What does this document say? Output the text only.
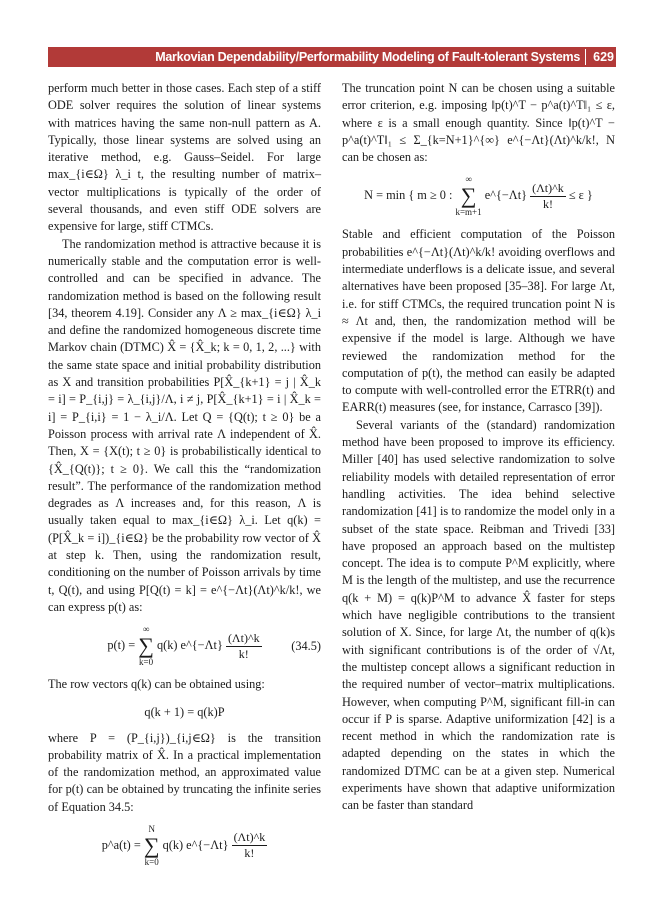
Markovian Dependability/Performability Modeling of Fault-tolerant Systems 629

perform much better in those cases. Each step of a stiff ODE solver requires the solution of linear systems with matrices having the same non-null pattern as A. Typically, those linear systems are solved using an iterative method, e.g. Gauss–Seidel. For large max_{i∈Ω} λ_i t, the resulting number of matrix–vector multiplications is typically of the order of several thousands, and even stiff ODE solvers are expensive for large, stiff CTMCs.

The randomization method is attractive because it is numerically stable and the computation error is well-controlled and can be specified in advance. The randomization method is based on the following result [34, theorem 4.19]. Consider any Λ ≥ max_{i∈Ω} λ_i and define the randomized homogeneous discrete time Markov chain (DTMC) X̂ = {X̂_k; k = 0, 1, 2, ...} with the same state space and initial probability distribution as X and transition probabilities P[X̂_{k+1} = j | X̂_k = i] = P_{i,j} = λ_{i,j}/Λ, i ≠ j, P[X̂_{k+1} = i | X̂_k = i] = P_{i,i} = 1 − λ_i/Λ. Let Q = {Q(t); t ≥ 0} be a Poisson process with arrival rate Λ independent of X̂. Then, X = {X(t); t ≥ 0} is probabilistically identical to {X̂_{Q(t)}; t ≥ 0}. We call this the “randomization result”. The performance of the randomization method degrades as Λ increases and, for this reason, Λ is usually taken equal to max_{i∈Ω} λ_i. Let q(k) = (P[X̂_k = i])_{i∈Ω} be the probability row vector of X̂ at step k. Then, using the randomization result, conditioning on the number of Poisson arrivals by time t, Q(t), and using P[Q(t) = k] = e^{−Λt}(Λt)^k/k!, we can express p(t) as:

p(t) =
∞
∑
k=0
q(k) e^{−Λt} $\frac{(\Lambda t)\^{}k}{k!} (34.5)$

The row vectors q(k) can be obtained using:

q(k + 1) = q(k)P

where P = (P_{i,j})_{i,j∈Ω} is the transition probability matrix of X̂. In a practical implementation of the randomization method, an approximated value for p(t) can be obtained by truncating the infinite series of Equation 34.5:

p^a(t) =
N
∑
k=0
q(k) e^{−Λt} $\frac{(\Lambda t)\^{}k}{k!}$

The truncation point N can be chosen using a suitable error criterion, e.g. imposing ‖p(t)^T − p^a(t)^T‖₁ ≤ ε, where ε is a small enough quantity. Since ‖p(t)^T − p^a(t)^T‖₁ ≤ Σ_{k=N+1}^{∞} e^{−Λt}(Λt)^k/k!, N can be chosen as:

N = min { m ≥ 0 :
∞
∑
k=m+1
e^{−Λt} $\frac{(\Lambda t)\^{}k}{k!} \le \varepsilon$ }

Stable and efficient computation of the Poisson probabilities e^{−Λt}(Λt)^k/k! avoiding overflows and intermediate underflows is a delicate issue, and several alternatives have been proposed [35–38]. For large Λt, i.e. for stiff CTMCs, the required truncation point N is ≈ Λt and, then, the randomization method will be expensive if the model is large. Although we have reviewed the randomization method for the computation of p(t), the method can easily be adapted to compute with well-controlled error the ETRR(t) and EARR(t) measures (see, for instance, Carrasco [39]).

Several variants of the (standard) randomization method have been proposed to improve its efficiency. Miller [40] has used selective randomization to solve reliability models with detailed representation of error handling activities. The idea behind selective randomization [41] is to randomize the model only in a subset of the state space. Reibman and Trivedi [33] have proposed an approach based on the multistep concept. The idea is to compute P^M explicitly, where M is the length of the multistep, and use the recurrence q(k + M) = q(k)P^M to advance X̂ faster for steps which have negligible contributions to the transient solution of X. Since, for large Λt, the number of q(k)s with significant contributions is of the order of √Λt, the multistep concept allows a significant reduction in the required number of vector–matrix multiplications. However, when computing P^M, significant fill-in can occur if P is sparse. Adaptive uniformization [42] is a recent method in which the randomization rate is adapted depending on the states in which the randomized DTMC can be at a given step. Numerical experiments have shown that adaptive uniformization can be faster than standard
